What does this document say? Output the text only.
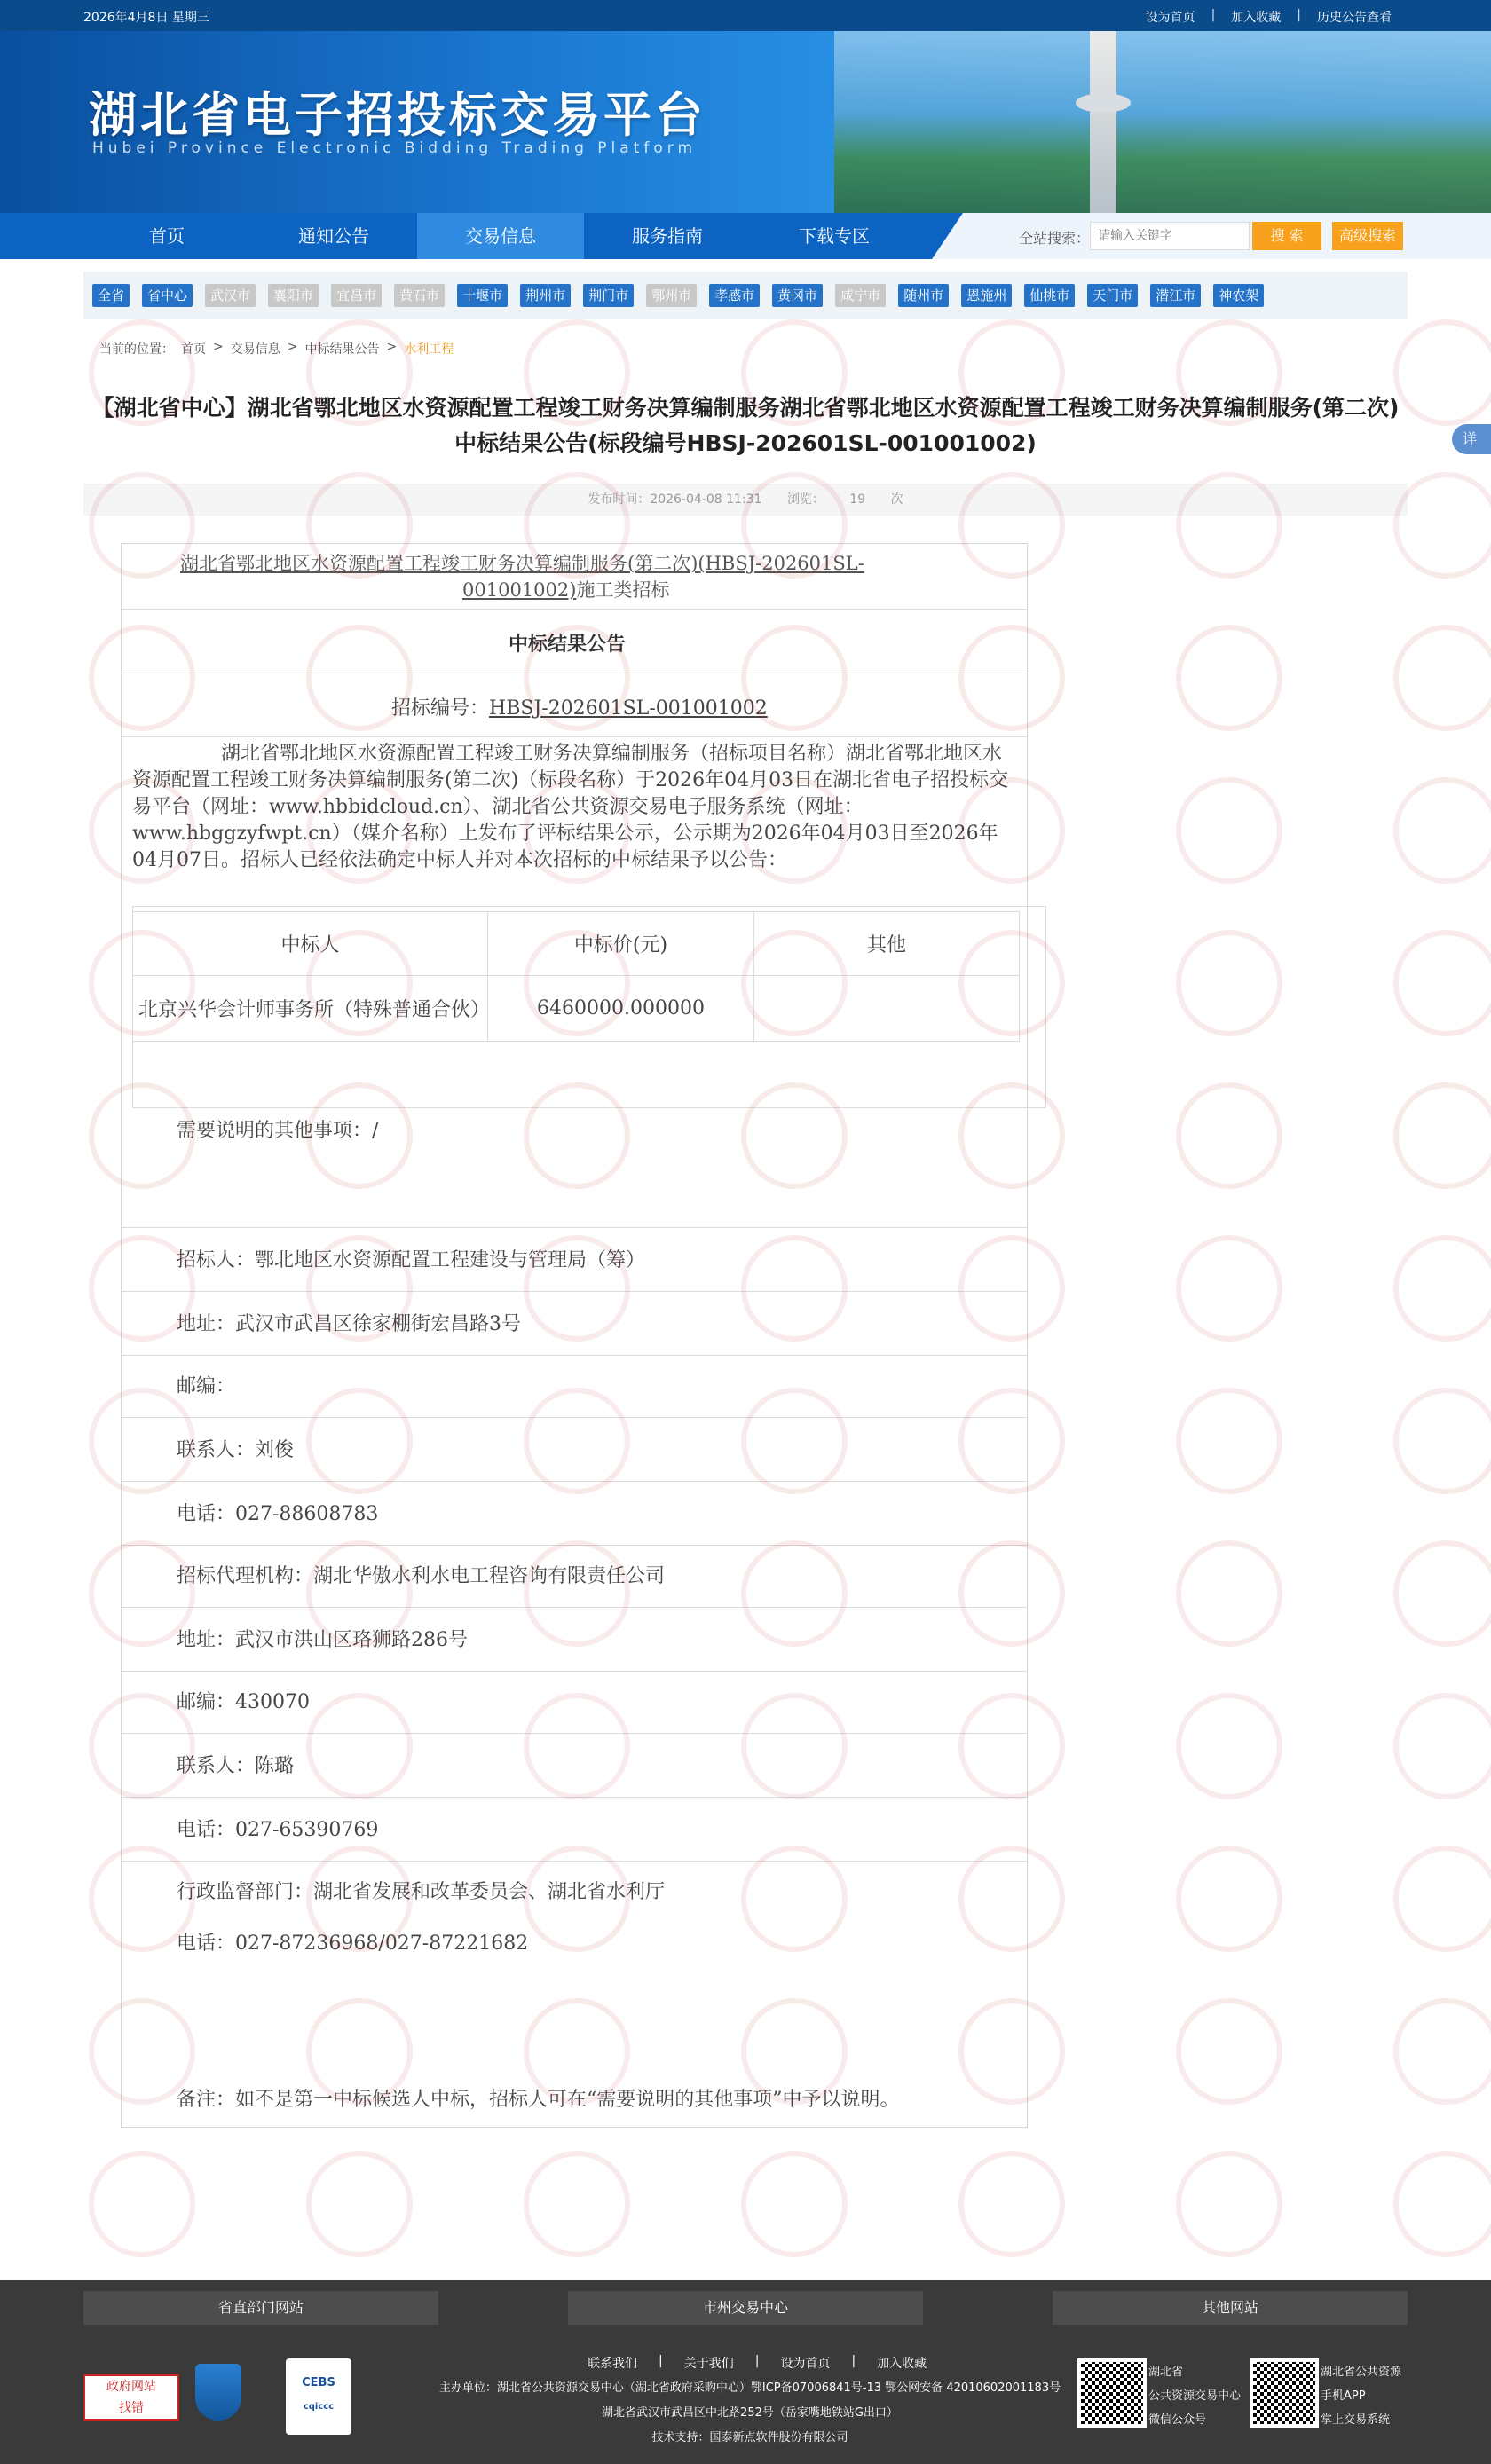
2026年4月8日 星期三	设为首页	|	加入收藏	|	历史公告查看
湖北省电子招投标交易平台
Hubei Province Electronic Bidding Trading Platform
首页	通知公告	交易信息	服务指南	下载专区	全站搜索：
请输入关键字	搜 索	高级搜索
全省	省中心	武汉市	襄阳市	宜昌市	黄石市	十堰市	荆州市	荆门市	鄂州市	孝感市	黄冈市	咸宁市	随州市	恩施州	仙桃市	天门市	潜江市	神农架
当前的位置： 首页 > 交易信息 > 中标结果公告 > 水利工程
【湖北省中心】湖北省鄂北地区水资源配置工程竣工财务决算编制服务湖北省鄂北地区水资源配置工程竣工财务决算编制服务(第二次)中标结果公告(标段编号HBSJ-202601SL-001001002)
发布时间：2026-04-08 11:31 浏览： 19 次
详
湖北省鄂北地区水资源配置工程竣工财务决算编制服务(第二次)(HBSJ-202601SL-
001001002)施工类招标
中标结果公告
招标编号：HBSJ-202601SL-001001002
湖北省鄂北地区水资源配置工程竣工财务决算编制服务（招标项目名称）湖北省鄂北地区水资源配置工程竣工财务决算编制服务(第二次)（标段名称）于2026年04月03日在湖北省电子招投标交易平台（网址：www.hbbidcloud.cn）、湖北省公共资源交易电子服务系统（网址：www.hbggzyfwpt.cn）（媒介名称）上发布了评标结果公示，公示期为2026年04月03日至2026年04月07日。招标人已经依法确定中标人并对本次招标的中标结果予以公告：
中标人	中标价(元)	其他
北京兴华会计师事务所（特殊普通合伙）	6460000.000000	
需要说明的其他事项：/
招标人：鄂北地区水资源配置工程建设与管理局（筹）
地址：武汉市武昌区徐家棚街宏昌路3号
邮编：
联系人：刘俊
电话：027-88608783
招标代理机构：湖北华傲水利水电工程咨询有限责任公司
地址：武汉市洪山区珞狮路286号
邮编：430070
联系人：陈璐
电话：027-65390769
行政监督部门：湖北省发展和改革委员会、湖北省水利厅
电话：027-87236968/027-87221682
备注：如不是第一中标候选人中标，招标人可在“需要说明的其他事项”中予以说明。
省直部门网站	市州交易中心	其他网站
政府网站
找错
CEBS
cqiccc
联系我们	|	关于我们	|	设为首页	|	加入收藏
主办单位：湖北省公共资源交易中心（湖北省政府采购中心）鄂ICP备07006841号-13 鄂公网安备 42010602001183号
湖北省武汉市武昌区中北路252号（岳家嘴地铁站G出口）
技术支持：国泰新点软件股份有限公司
湖北省
公共资源交易中心
微信公众号
湖北省公共资源
手机APP
掌上交易系统
